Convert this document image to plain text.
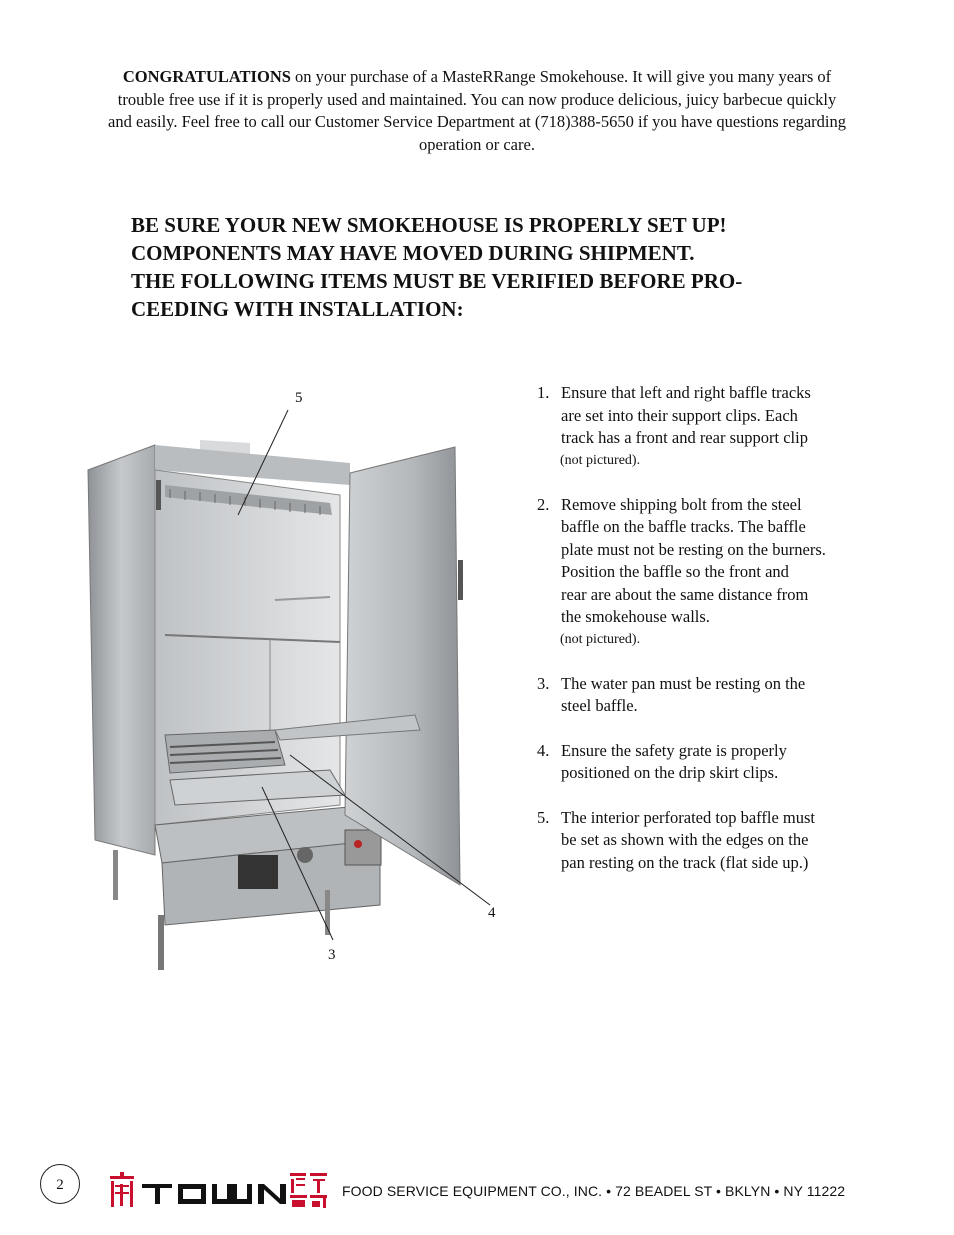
CONGRATULATIONS on your purchase of a MasteRRange Smokehouse. It will give you many years of
trouble free use if it is properly used and maintained. You can now produce delicious, juicy barbecue quickly
and easily. Feel free to call our Customer Service Department at (718)388-5650 if you have questions regarding
operation or care.
BE SURE YOUR NEW SMOKEHOUSE IS PROPERLY SET UP!
COMPONENTS MAY HAVE MOVED DURING SHIPMENT.
THE FOLLOWING ITEMS MUST BE VERIFIED BEFORE PRO-
CEEDING WITH INSTALLATION:
5
4
3
1. Ensure that left and right baffle tracks
are set into their support clips. Each
track has a front and rear support clip
(not pictured).
2. Remove shipping bolt from the steel
baffle on the baffle tracks. The baffle
plate must not be resting on the burners.
Position the baffle so the front and
rear are about the same distance from
the smokehouse walls.
(not pictured).
3. The water pan must be resting on the
steel baffle.
4. Ensure the safety grate is properly
positioned on the drip skirt clips.
5. The interior perforated top baffle must
be set as shown with the edges on the
pan resting on the track (flat side up.)
2	FOOD SERVICE EQUIPMENT CO., INC. • 72 BEADEL ST • BKLYN • NY 11222
